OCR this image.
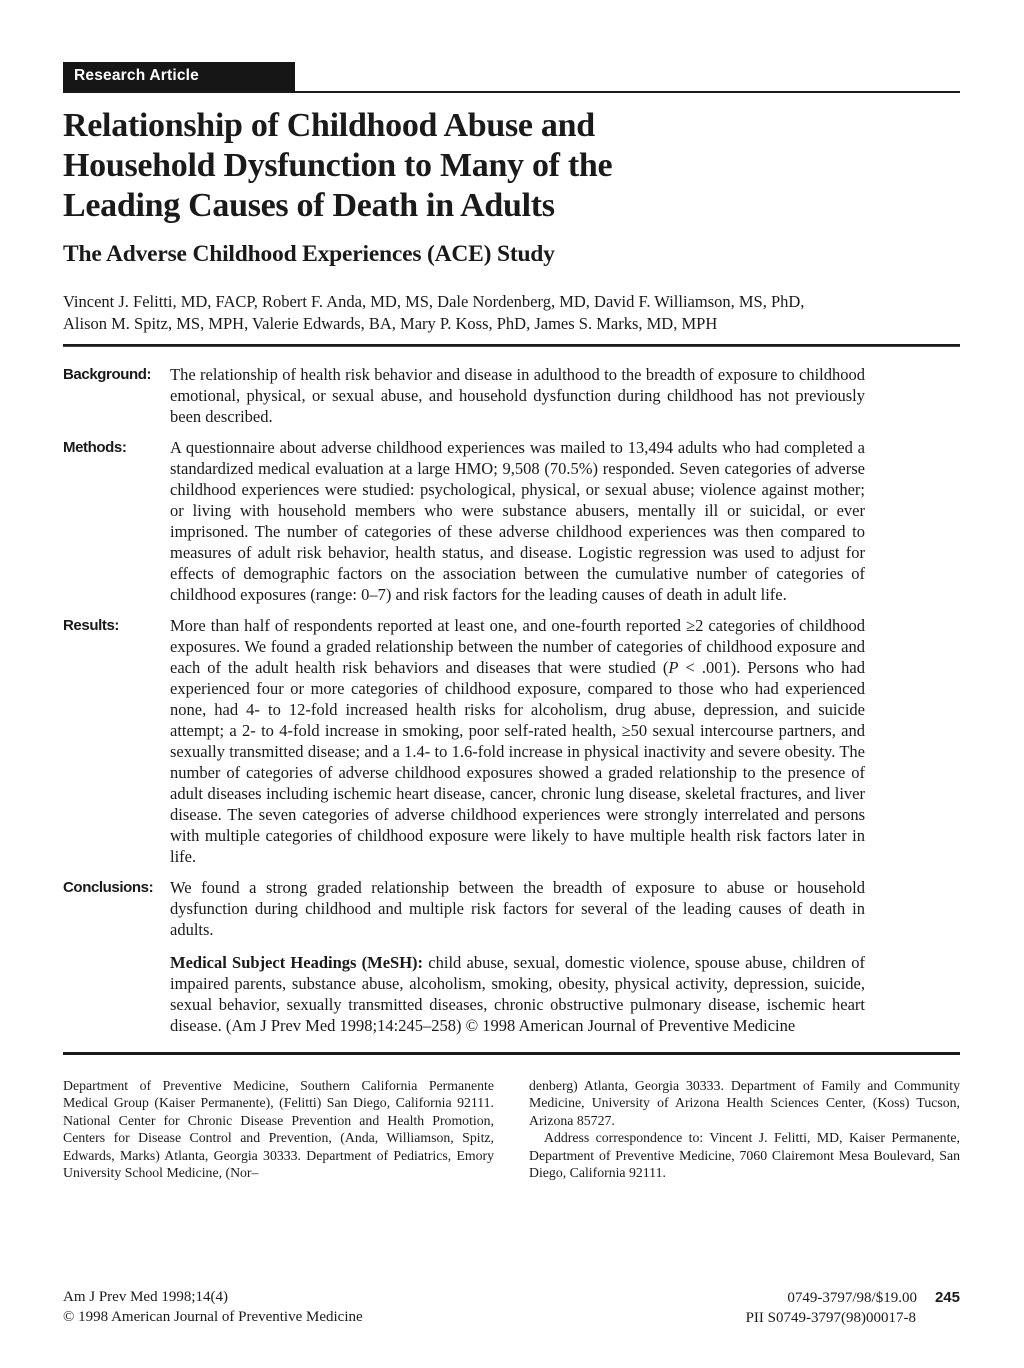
Research Article
Relationship of Childhood Abuse and
Household Dysfunction to Many of the
Leading Causes of Death in Adults
The Adverse Childhood Experiences (ACE) Study
Vincent J. Felitti, MD, FACP, Robert F. Anda, MD, MS, Dale Nordenberg, MD, David F. Williamson, MS, PhD,
Alison M. Spitz, MS, MPH, Valerie Edwards, BA, Mary P. Koss, PhD, James S. Marks, MD, MPH
Background:	The relationship of health risk behavior and disease in adulthood to the breadth of exposure to childhood emotional, physical, or sexual abuse, and household dysfunction during childhood has not previously been described.
Methods:	A questionnaire about adverse childhood experiences was mailed to 13,494 adults who had completed a standardized medical evaluation at a large HMO; 9,508 (70.5%) responded. Seven categories of adverse childhood experiences were studied: psychological, physical, or sexual abuse; violence against mother; or living with household members who were substance abusers, mentally ill or suicidal, or ever imprisoned. The number of categories of these adverse childhood experiences was then compared to measures of adult risk behavior, health status, and disease. Logistic regression was used to adjust for effects of demographic factors on the association between the cumulative number of categories of childhood exposures (range: 0–7) and risk factors for the leading causes of death in adult life.
Results:	More than half of respondents reported at least one, and one-fourth reported ≥2 categories of childhood exposures. We found a graded relationship between the number of categories of childhood exposure and each of the adult health risk behaviors and diseases that were studied (P < .001). Persons who had experienced four or more categories of childhood exposure, compared to those who had experienced none, had 4- to 12-fold increased health risks for alcoholism, drug abuse, depression, and suicide attempt; a 2- to 4-fold increase in smoking, poor self-rated health, ≥50 sexual intercourse partners, and sexually transmitted disease; and a 1.4- to 1.6-fold increase in physical inactivity and severe obesity. The number of categories of adverse childhood exposures showed a graded relationship to the presence of adult diseases including ischemic heart disease, cancer, chronic lung disease, skeletal fractures, and liver disease. The seven categories of adverse childhood experiences were strongly interrelated and persons with multiple categories of childhood exposure were likely to have multiple health risk factors later in life.
Conclusions:	We found a strong graded relationship between the breadth of exposure to abuse or household dysfunction during childhood and multiple risk factors for several of the leading causes of death in adults.
Medical Subject Headings (MeSH): child abuse, sexual, domestic violence, spouse abuse, children of impaired parents, substance abuse, alcoholism, smoking, obesity, physical activity, depression, suicide, sexual behavior, sexually transmitted diseases, chronic obstructive pulmonary disease, ischemic heart disease. (Am J Prev Med 1998;14:245–258) © 1998 American Journal of Preventive Medicine
Department of Preventive Medicine, Southern California Permanente Medical Group (Kaiser Permanente), (Felitti) San Diego, California 92111. National Center for Chronic Disease Prevention and Health Promotion, Centers for Disease Control and Prevention, (Anda, Williamson, Spitz, Edwards, Marks) Atlanta, Georgia 30333. Department of Pediatrics, Emory University School Medicine, (Nor–
denberg) Atlanta, Georgia 30333. Department of Family and Community Medicine, University of Arizona Health Sciences Center, (Koss) Tucson, Arizona 85727.
Address correspondence to: Vincent J. Felitti, MD, Kaiser Permanente, Department of Preventive Medicine, 7060 Clairemont Mesa Boulevard, San Diego, California 92111.
Am J Prev Med 1998;14(4)
© 1998 American Journal of Preventive Medicine
0749-3797/98/$19.00 245
PII S0749-3797(98)00017-8
